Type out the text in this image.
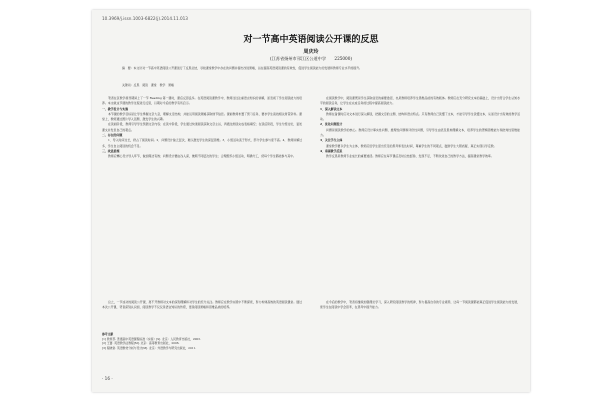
10.3969/j.issn.1003-6822(j).2014.11.013
对一节高中英语阅读公开课的反思
周庆玲
(江苏省扬州市邗江区公道中学　　225000)
摘　要：本文针对一节高中英语阅读公开课进行了反思总结，寻找课堂教学中存在的问题并提出改进策略，旨在提高英语阅读课的有效性，促进学生阅读能力的发展和教师专业水平的提升。
关键词：反思　阅读　课堂　教学　策略

笔者在区教学视导期间上了一节 Reading 第一课时，课后反思良多。在英语阅读课教学中，教师往往注重语言知识的讲解，而忽视了学生阅读能力的培养。本文就这节课的教学过程进行反思，以期对今后的教学有所启示。

一、教学设计与实施

本节课的教学目标是让学生掌握文章大意，理解文章结构，并能运用阅读策略获取细节信息。课前教师布置了预习任务，要求学生查找相关背景资料。课堂上，教师通过图片导入话题，激发学生的兴趣。

在读前阶段，教师引导学生预测文章内容；在读中阶段，学生通过快速阅读获取文章主旨，再通过细读完成表格填空；在读后阶段，学生分组讨论，复述课文并发表自己的观点。

二、存在的问题

1．导入时间过长，挤占了阅读时间。2．问题设计缺乏层次，难以激发学生的深层思维。3．小组活动流于形式，部分学生参与度不高。4．教师讲解过多，学生自主阅读的机会不足。

三、改进措施

教师应精心设计导入环节，做到简洁有效；问题设计要由浅入深，兼顾不同层次的学生；合理组织小组活动，明确分工，使每个学生都能参与其中。

在阅读教学中，阅读课既是学生获取信息的重要途径，也是教师培养学生思维品质的有效载体。教师应在充分研究文本的基础上，设计出符合学生认知水平的阅读任务，让学生在完成任务的过程中提高阅读能力。

1．深入解读文本

教师在备课时应对文本进行深入解读，把握文章的主题、结构和语言特点。只有教师自己读懂了文本，才能引导学生读懂文本，从而设计出有效的教学活动。

2．优化问题设计

问题是阅读教学的核心。教师应设计事实性问题、推理性问题和评价性问题，引导学生由表及里地理解文本，培养学生的逻辑思维能力和批判性思维能力。

3．关注学生主体

课堂教学要以学生为主体，教师应给学生留出充足的思考和表达时间，尊重学生的不同观点，鼓励学生大胆质疑，真正实现以学定教。

4．重视教学反思

教学反思是教师专业成长的重要途径。教师应在每节课后及时总结经验、发现不足，不断改进自己的教学方法，提高课堂教学效率。

总之，一节成功的阅读公开课，离不开教师对文本的深刻理解和对学生的充分关注。教师应在教学实践中不断探索，努力构建高效的英语阅读课堂。通过本次公开课，笔者深刻认识到，阅读教学不仅仅是语言知识的传授，更是阅读策略和思维品质的培养。

在今后的教学中，笔者将继续加强理论学习，深入研究阅读教学的规律，努力提高自身的专业素养，让每一节阅读课都能真正促进学生阅读能力的发展，使学生在阅读中学会思考，在思考中提升能力。

参考文献
[1] 教育部. 普通高中英语课程标准（实验）[S]. 北京：人民教育出版社，2003.
[2] 王蔷. 英语教学法教程[M]. 北京：高等教育出版社，2006.
[3] 程晓堂. 英语教材分析与设计[M]. 北京：外语教学与研究出版社，2011.
· 16 ·
